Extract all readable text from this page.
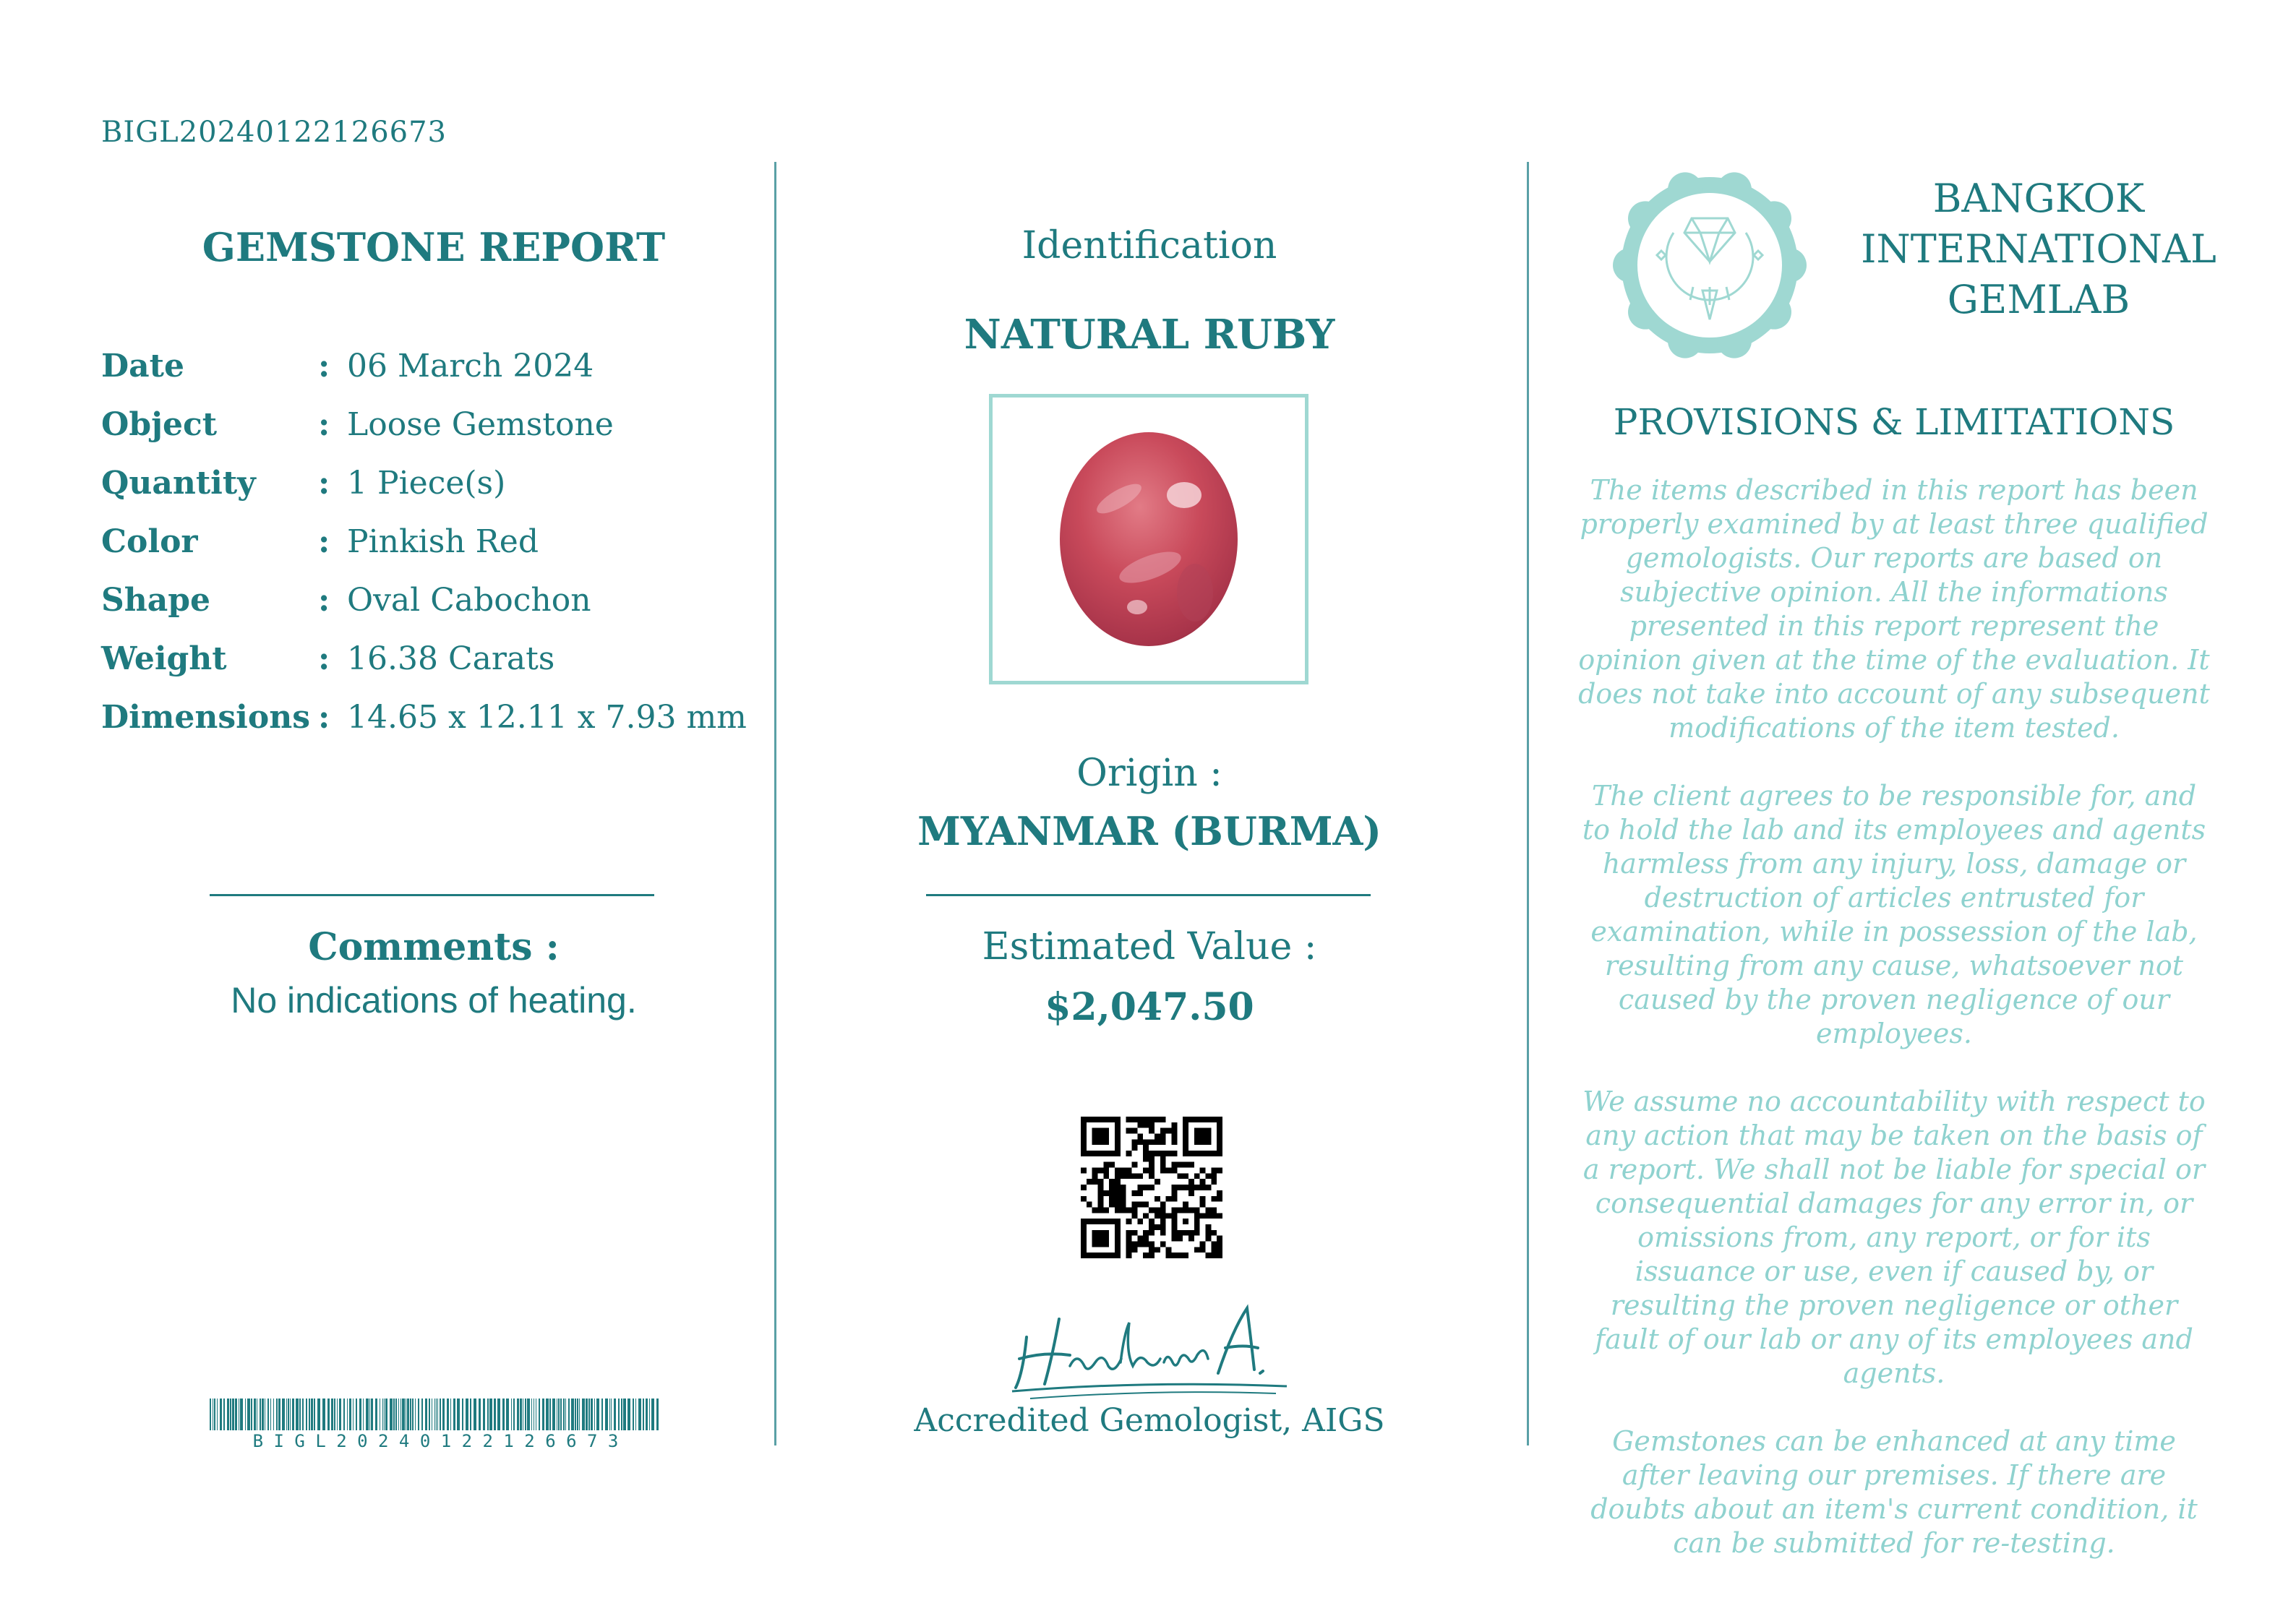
BIGL20240122126673
GEMSTONE REPORT
Date	: 06 March 2024
Object	: Loose Gemstone
Quantity	: 1 Piece(s)
Color	: Pinkish Red
Shape	: Oval Cabochon
Weight	: 16.38 Carats
Dimensions : 14.65 x 12.11 x 7.93 mm
Comments :
No indications of heating.
B I G L 2 0 2 4 0 1 2 2 1 2 6 6 7 3
Identification
NATURAL RUBY
Origin :
MYANMAR (BURMA)
Estimated Value :
$2,047.50
Accredited Gemologist, AIGS
BANGKOK
INTERNATIONAL
GEMLAB
PROVISIONS & LIMITATIONS

The items described in this report has been properly examined by at least three qualified gemologists. Our reports are based on subjective opinion. All the informations presented in this report represent the opinion given at the time of the evaluation. It does not take into account of any subsequent modifications of the item tested.

The client agrees to be responsible for, and to hold the lab and its employees and agents harmless from any injury, loss, damage or destruction of articles entrusted for examination, while in possession of the lab, resulting from any cause, whatsoever not caused by the proven negligence of our employees.

We assume no accountability with respect to any action that may be taken on the basis of a report. We shall not be liable for special or consequential damages for any error in, or omissions from, any report, or for its issuance or use, even if caused by, or resulting the proven negligence or other fault of our lab or any of its employees and agents.

Gemstones can be enhanced at any time after leaving our premises. If there are doubts about an item's current condition, it can be submitted for re-testing.
